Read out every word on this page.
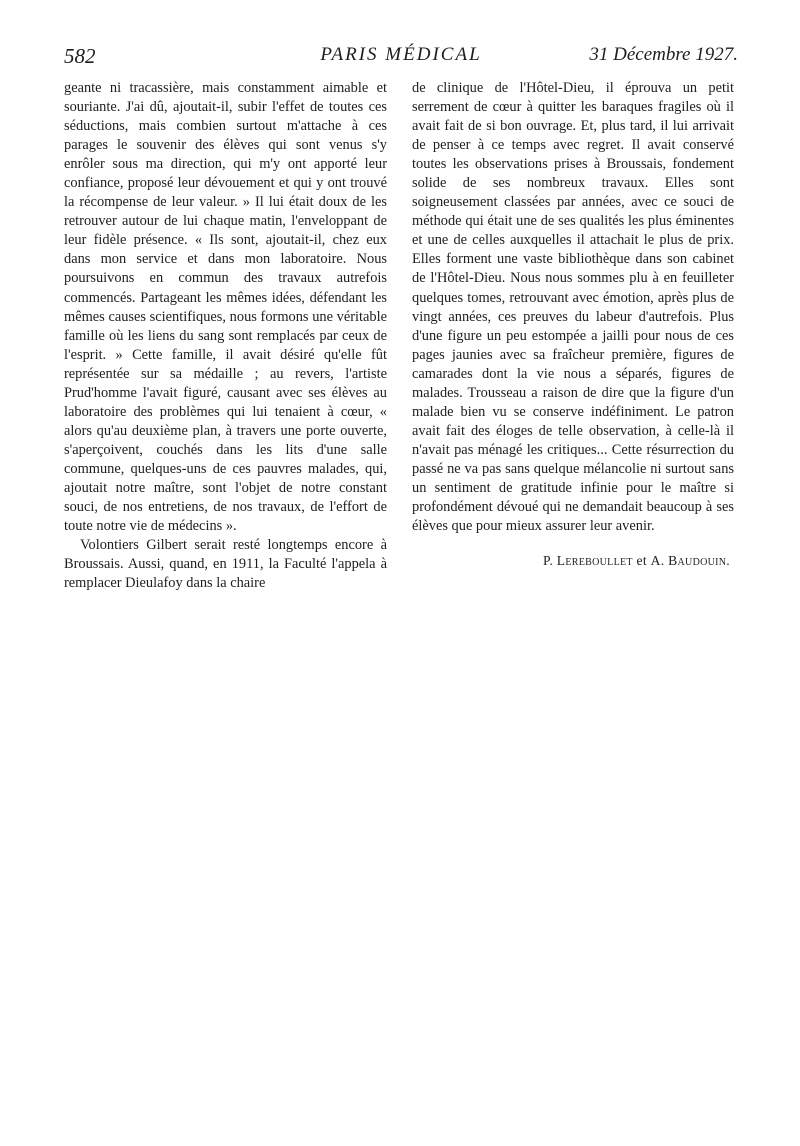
582	PARIS MÉDICAL	31 Décembre 1927.

geante ni tracassière, mais constamment aimable et souriante. J'ai dû, ajoutait-il, subir l'effet de toutes ces séductions, mais combien surtout m'attache à ces parages le souvenir des élèves qui sont venus s'y enrôler sous ma direction, qui m'y ont apporté leur confiance, proposé leur dévouement et qui y ont trouvé la récompense de leur valeur. » Il lui était doux de les retrouver autour de lui chaque matin, l'enveloppant de leur fidèle présence. « Ils sont, ajoutait-il, chez eux dans mon service et dans mon laboratoire. Nous poursuivons en commun des travaux autrefois commencés. Partageant les mêmes idées, défendant les mêmes causes scientifiques, nous formons une véritable famille où les liens du sang sont remplacés par ceux de l'esprit. » Cette famille, il avait désiré qu'elle fût représentée sur sa médaille ; au revers, l'artiste Prud'homme l'avait figuré, causant avec ses élèves au laboratoire des problèmes qui lui tenaient à cœur, « alors qu'au deuxième plan, à travers une porte ouverte, s'aperçoivent, couchés dans les lits d'une salle commune, quelques-uns de ces pauvres malades, qui, ajoutait notre maître, sont l'objet de notre constant souci, de nos entretiens, de nos travaux, de l'effort de toute notre vie de médecins ».

Volontiers Gilbert serait resté longtemps encore à Broussais. Aussi, quand, en 1911, la Faculté l'appela à remplacer Dieulafoy dans la chaire

de clinique de l'Hôtel-Dieu, il éprouva un petit serrement de cœur à quitter les baraques fragiles où il avait fait de si bon ouvrage. Et, plus tard, il lui arrivait de penser à ce temps avec regret. Il avait conservé toutes les observations prises à Broussais, fondement solide de ses nombreux travaux. Elles sont soigneusement classées par années, avec ce souci de méthode qui était une de ses qualités les plus éminentes et une de celles auxquelles il attachait le plus de prix. Elles forment une vaste bibliothèque dans son cabinet de l'Hôtel-Dieu. Nous nous sommes plu à en feuilleter quelques tomes, retrouvant avec émotion, après plus de vingt années, ces preuves du labeur d'autrefois. Plus d'une figure un peu estompée a jailli pour nous de ces pages jaunies avec sa fraîcheur première, figures de camarades dont la vie nous a séparés, figures de malades. Trousseau a raison de dire que la figure d'un malade bien vu se conserve indéfiniment. Le patron avait fait des éloges de telle observation, à celle-là il n'avait pas ménagé les critiques... Cette résurrection du passé ne va pas sans quelque mélancolie ni surtout sans un sentiment de gratitude infinie pour le maître si profondément dévoué qui ne demandait beaucoup à ses élèves que pour mieux assurer leur avenir.

P. Lereboullet et A. Baudouin.
